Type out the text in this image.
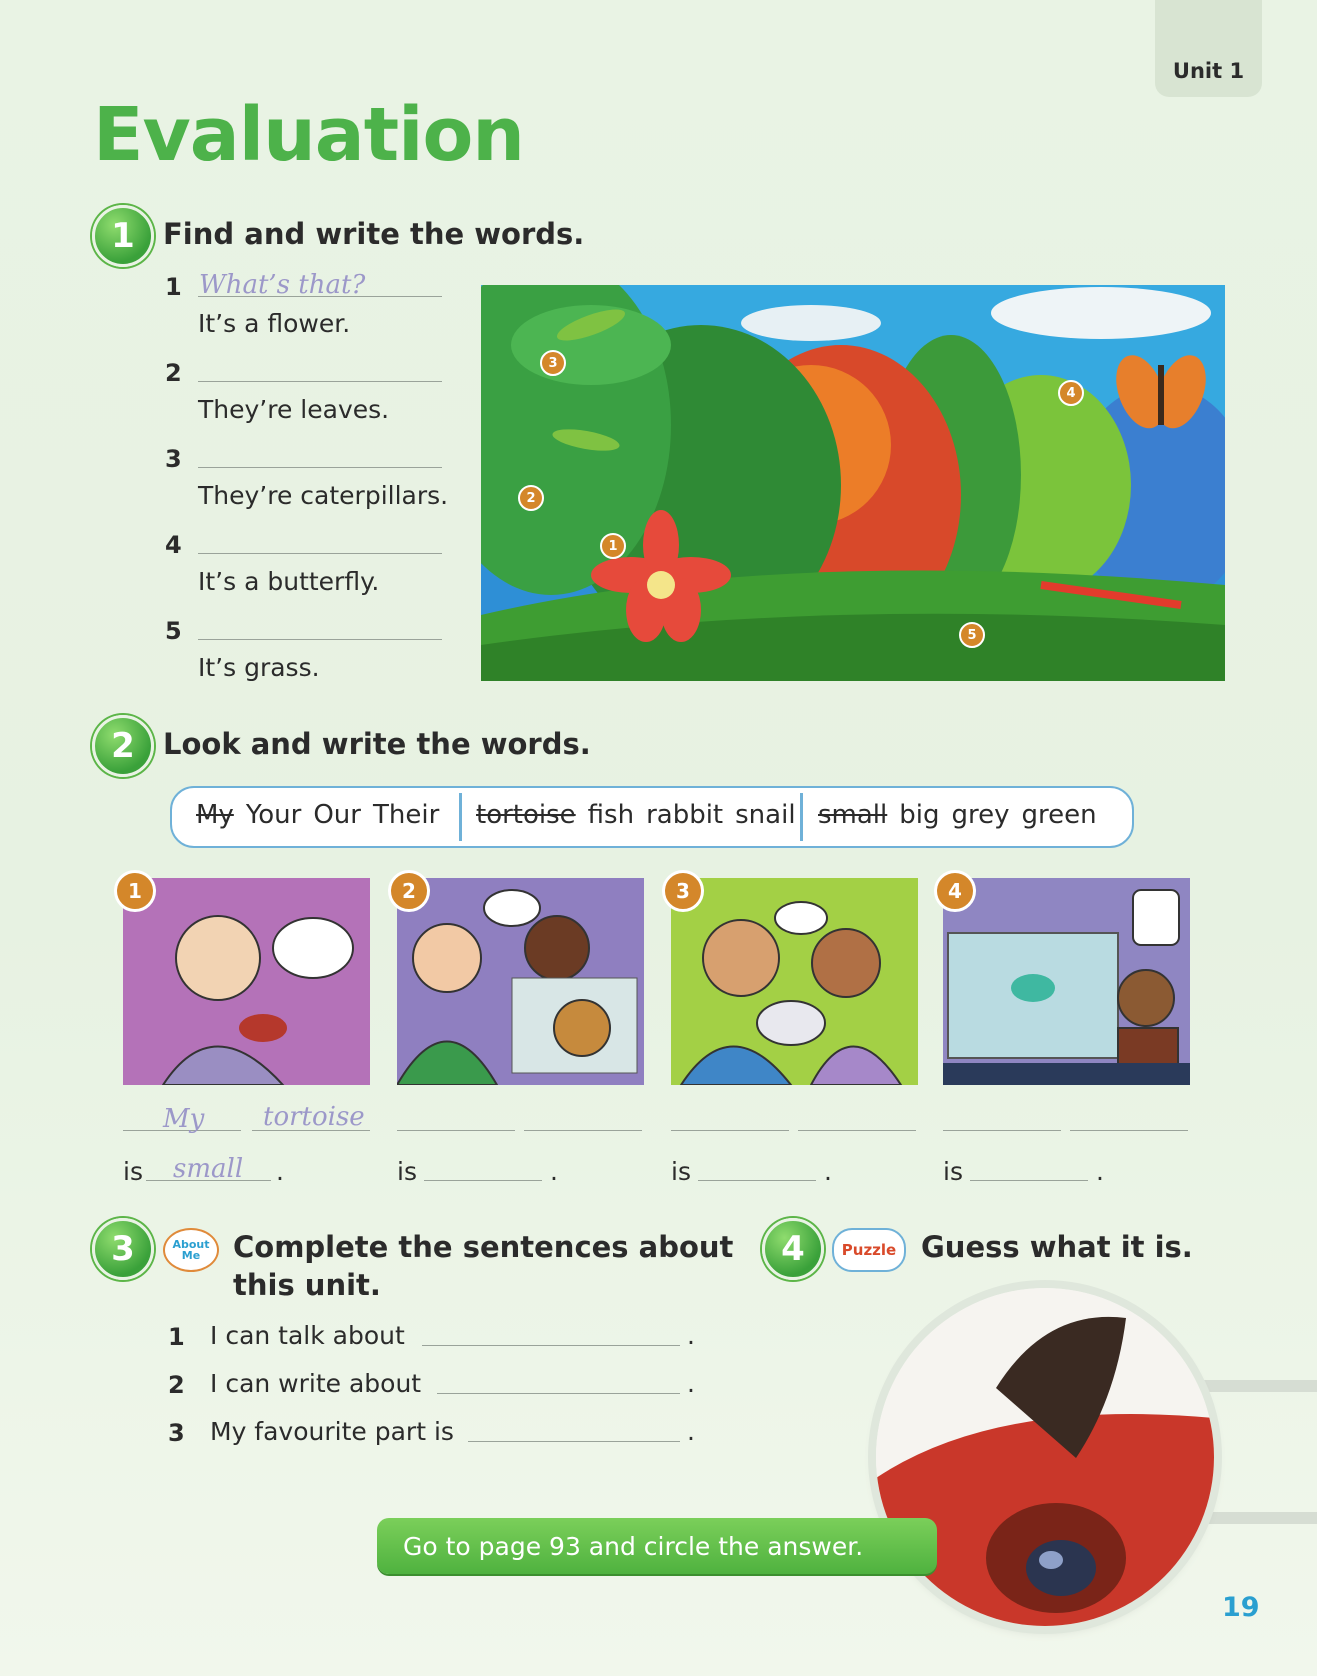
Unit 1
Evaluation
1 Find and write the words.
1 What’s that?
It’s a flower.
2
They’re leaves.
3
They’re caterpillars.
4
It’s a butterfly.
5
It’s grass.
1
2
3
4
5
2 Look and write the words.
My Your Our Their	tortoise fish rabbit snail small big grey green
1	2	3	4
My tortoise
is small .	is	.	is	.	is	.
3	About Me	Complete the sentences about
this unit.
1 I can talk about	.
2 I can write about	.
3 My favourite part is	.
4	Puzzle Guess what it is.
Go to page 93 and circle the answer.
19
